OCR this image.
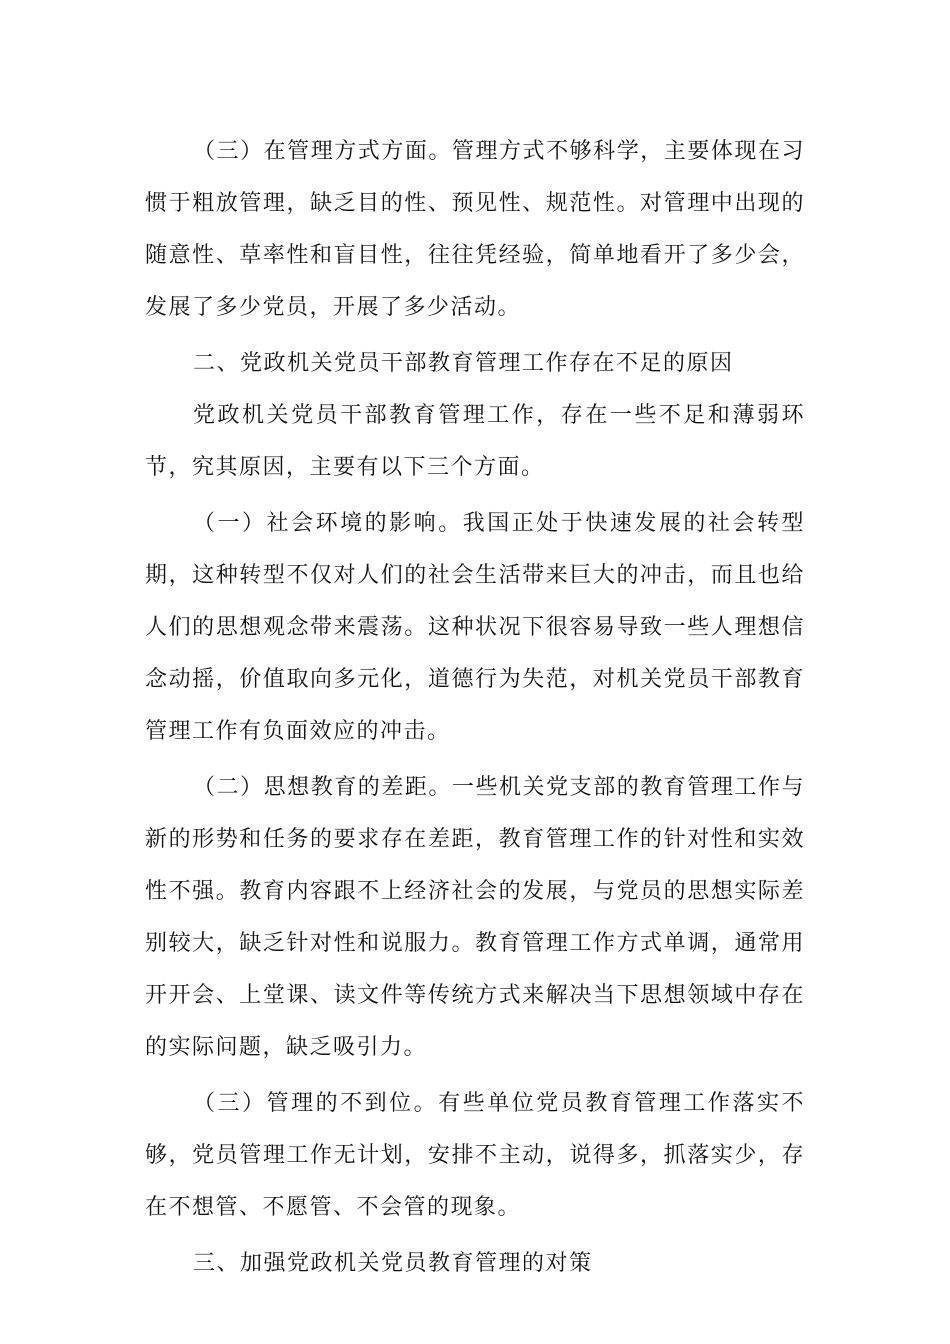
（三）在管理方式方面。管理方式不够科学，主要体现在习惯于粗放管理，缺乏目的性、预见性、规范性。对管理中出现的随意性、草率性和盲目性，往往凭经验，简单地看开了多少会，发展了多少党员，开展了多少活动。

二、党政机关党员干部教育管理工作存在不足的原因

党政机关党员干部教育管理工作，存在一些不足和薄弱环节，究其原因，主要有以下三个方面。

（一）社会环境的影响。我国正处于快速发展的社会转型期，这种转型不仅对人们的社会生活带来巨大的冲击，而且也给人们的思想观念带来震荡。这种状况下很容易导致一些人理想信念动摇，价值取向多元化，道德行为失范，对机关党员干部教育管理工作有负面效应的冲击。

（二）思想教育的差距。一些机关党支部的教育管理工作与新的形势和任务的要求存在差距，教育管理工作的针对性和实效性不强。教育内容跟不上经济社会的发展，与党员的思想实际差别较大，缺乏针对性和说服力。教育管理工作方式单调，通常用开开会、上堂课、读文件等传统方式来解决当下思想领域中存在的实际问题，缺乏吸引力。

（三）管理的不到位。有些单位党员教育管理工作落实不够，党员管理工作无计划，安排不主动，说得多，抓落实少，存在不想管、不愿管、不会管的现象。

三、加强党政机关党员教育管理的对策
